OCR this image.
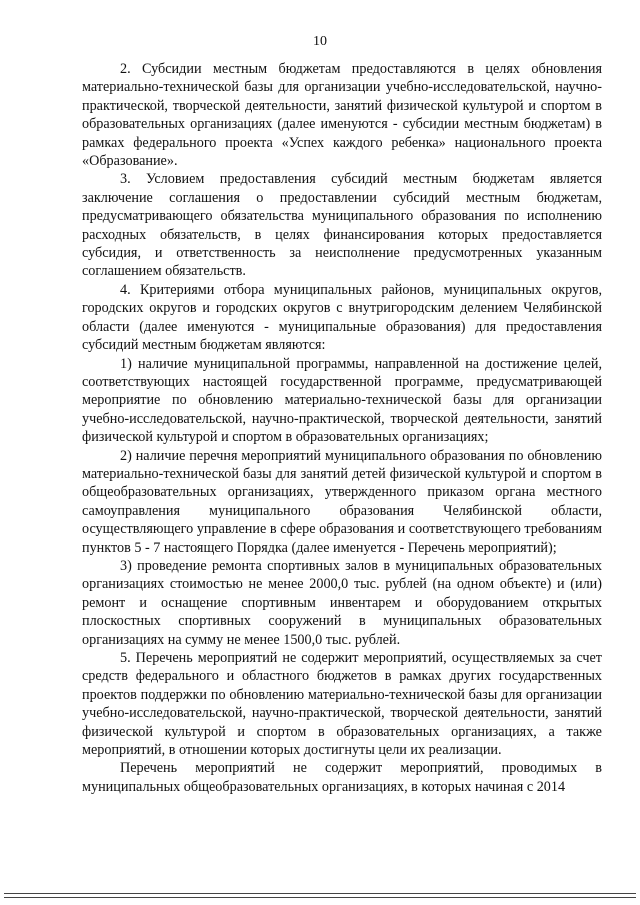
10

2. Субсидии местным бюджетам предоставляются в целях обновления материально-технической базы для организации учебно-исследовательской, научно-практической, творческой деятельности, занятий физической культурой и спортом в образовательных организациях (далее именуются - субсидии местным бюджетам) в рамках федерального проекта «Успех каждого ребенка» национального проекта «Образование».

3. Условием предоставления субсидий местным бюджетам является заключение соглашения о предоставлении субсидий местным бюджетам, предусматривающего обязательства муниципального образования по исполнению расходных обязательств, в целях финансирования которых предоставляется субсидия, и ответственность за неисполнение предусмотренных указанным соглашением обязательств.

4. Критериями отбора муниципальных районов, муниципальных округов, городских округов и городских округов с внутригородским делением Челябинской области (далее именуются - муниципальные образования) для предоставления субсидий местным бюджетам являются:

1) наличие муниципальной программы, направленной на достижение целей, соответствующих настоящей государственной программе, предусматривающей мероприятие по обновлению материально-технической базы для организации учебно-исследовательской, научно-практической, творческой деятельности, занятий физической культурой и спортом в образовательных организациях;

2) наличие перечня мероприятий муниципального образования по обновлению материально-технической базы для занятий детей физической культурой и спортом в общеобразовательных организациях, утвержденного приказом органа местного самоуправления муниципального образования Челябинской области, осуществляющего управление в сфере образования и соответствующего требованиям пунктов 5 - 7 настоящего Порядка (далее именуется - Перечень мероприятий);

3) проведение ремонта спортивных залов в муниципальных образовательных организациях стоимостью не менее 2000,0 тыс. рублей (на одном объекте) и (или) ремонт и оснащение спортивным инвентарем и оборудованием открытых плоскостных спортивных сооружений в муниципальных образовательных организациях на сумму не менее 1500,0 тыс. рублей.

5. Перечень мероприятий не содержит мероприятий, осуществляемых за счет средств федерального и областного бюджетов в рамках других государственных проектов поддержки по обновлению материально-технической базы для организации учебно-исследовательской, научно-практической, творческой деятельности, занятий физической культурой и спортом в образовательных организациях, а также мероприятий, в отношении которых достигнуты цели их реализации.

Перечень мероприятий не содержит мероприятий, проводимых в муниципальных общеобразовательных организациях, в которых начиная с 2014
